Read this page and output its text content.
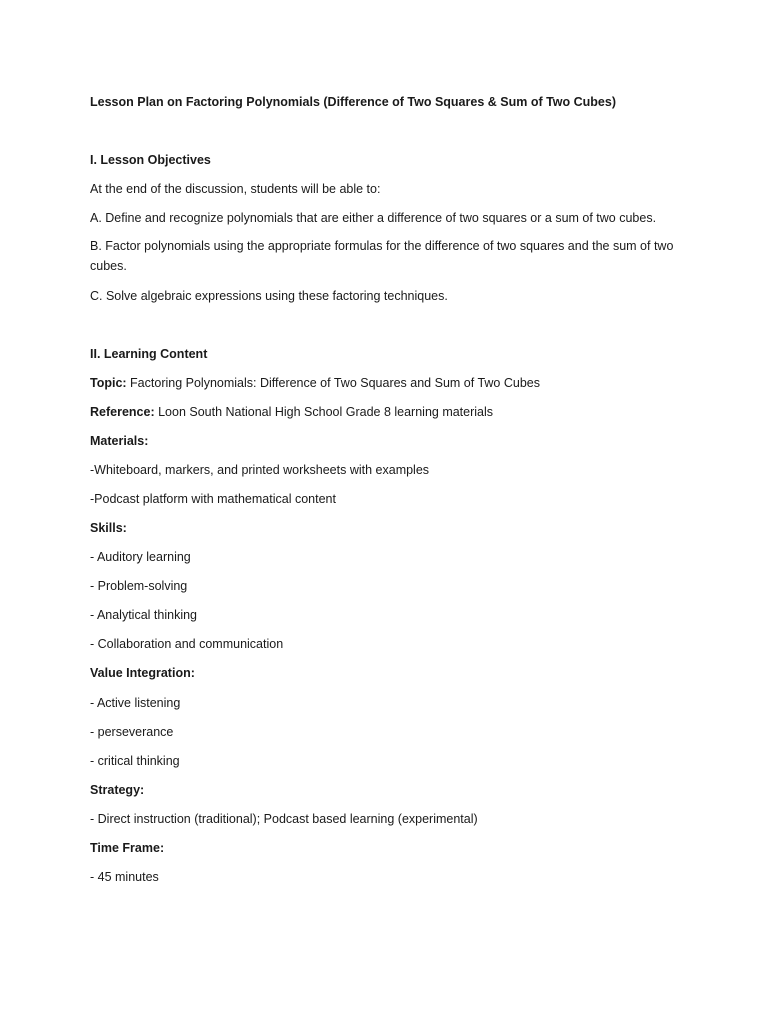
Lesson Plan on Factoring Polynomials (Difference of Two Squares & Sum of Two Cubes)

I. Lesson Objectives

At the end of the discussion, students will be able to:

A. Define and recognize polynomials that are either a difference of two squares or a sum of two cubes.

B. Factor polynomials using the appropriate formulas for the difference of two squares and the sum of two cubes.

C. Solve algebraic expressions using these factoring techniques.

II. Learning Content

Topic: Factoring Polynomials: Difference of Two Squares and Sum of Two Cubes

Reference: Loon South National High School Grade 8 learning materials

Materials:

-Whiteboard, markers, and printed worksheets with examples

-Podcast platform with mathematical content

Skills:

- Auditory learning

- Problem-solving

- Analytical thinking

- Collaboration and communication

Value Integration:

- Active listening

- perseverance

- critical thinking

Strategy:

- Direct instruction (traditional); Podcast based learning (experimental)

Time Frame:

- 45 minutes
